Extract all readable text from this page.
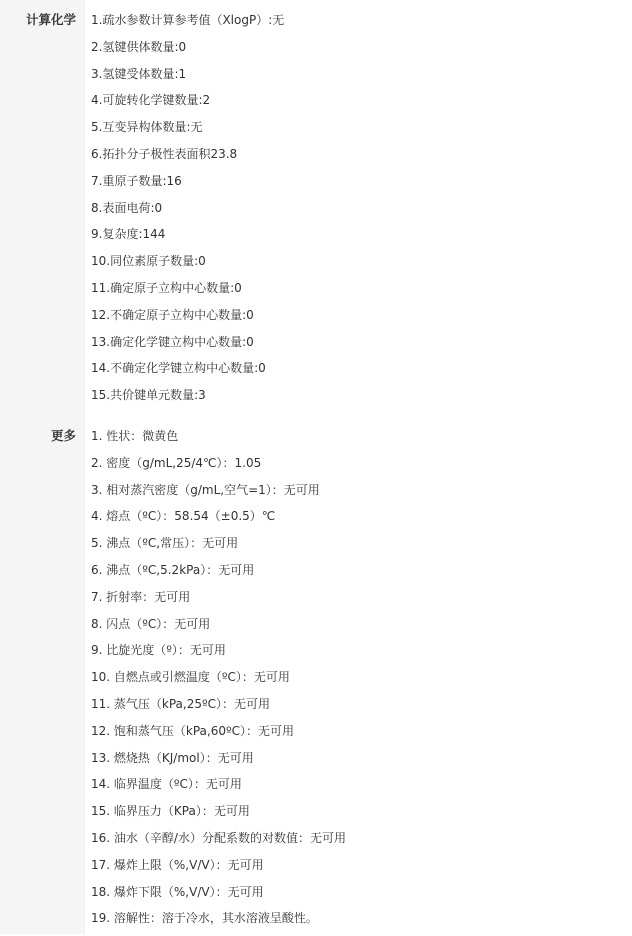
计算化学 1.疏水参数计算参考值（XlogP）:无
2.氢键供体数量:0
3.氢键受体数量:1
4.可旋转化学键数量:2
5.互变异构体数量:无
6.拓扑分子极性表面积23.8
7.重原子数量:16
8.表面电荷:0
9.复杂度:144
10.同位素原子数量:0
11.确定原子立构中心数量:0
12.不确定原子立构中心数量:0
13.确定化学键立构中心数量:0
14.不确定化学键立构中心数量:0
15.共价键单元数量:3
更多 1. 性状：微黄色
2. 密度（g/mL,25/4℃）：1.05
3. 相对蒸汽密度（g/mL,空气=1）：无可用
4. 熔点（ºC）：58.54（±0.5）℃
5. 沸点（ºC,常压）：无可用
6. 沸点（ºC,5.2kPa）：无可用
7. 折射率：无可用
8. 闪点（ºC）：无可用
9. 比旋光度（º）：无可用
10. 自燃点或引燃温度（ºC）：无可用
11. 蒸气压（kPa,25ºC）：无可用
12. 饱和蒸气压（kPa,60ºC）：无可用
13. 燃烧热（KJ/mol）：无可用
14. 临界温度（ºC）：无可用
15. 临界压力（KPa）：无可用
16. 油水（辛醇/水）分配系数的对数值：无可用
17. 爆炸上限（%,V/V）：无可用
18. 爆炸下限（%,V/V）：无可用
19. 溶解性：溶于冷水，其水溶液呈酸性。
